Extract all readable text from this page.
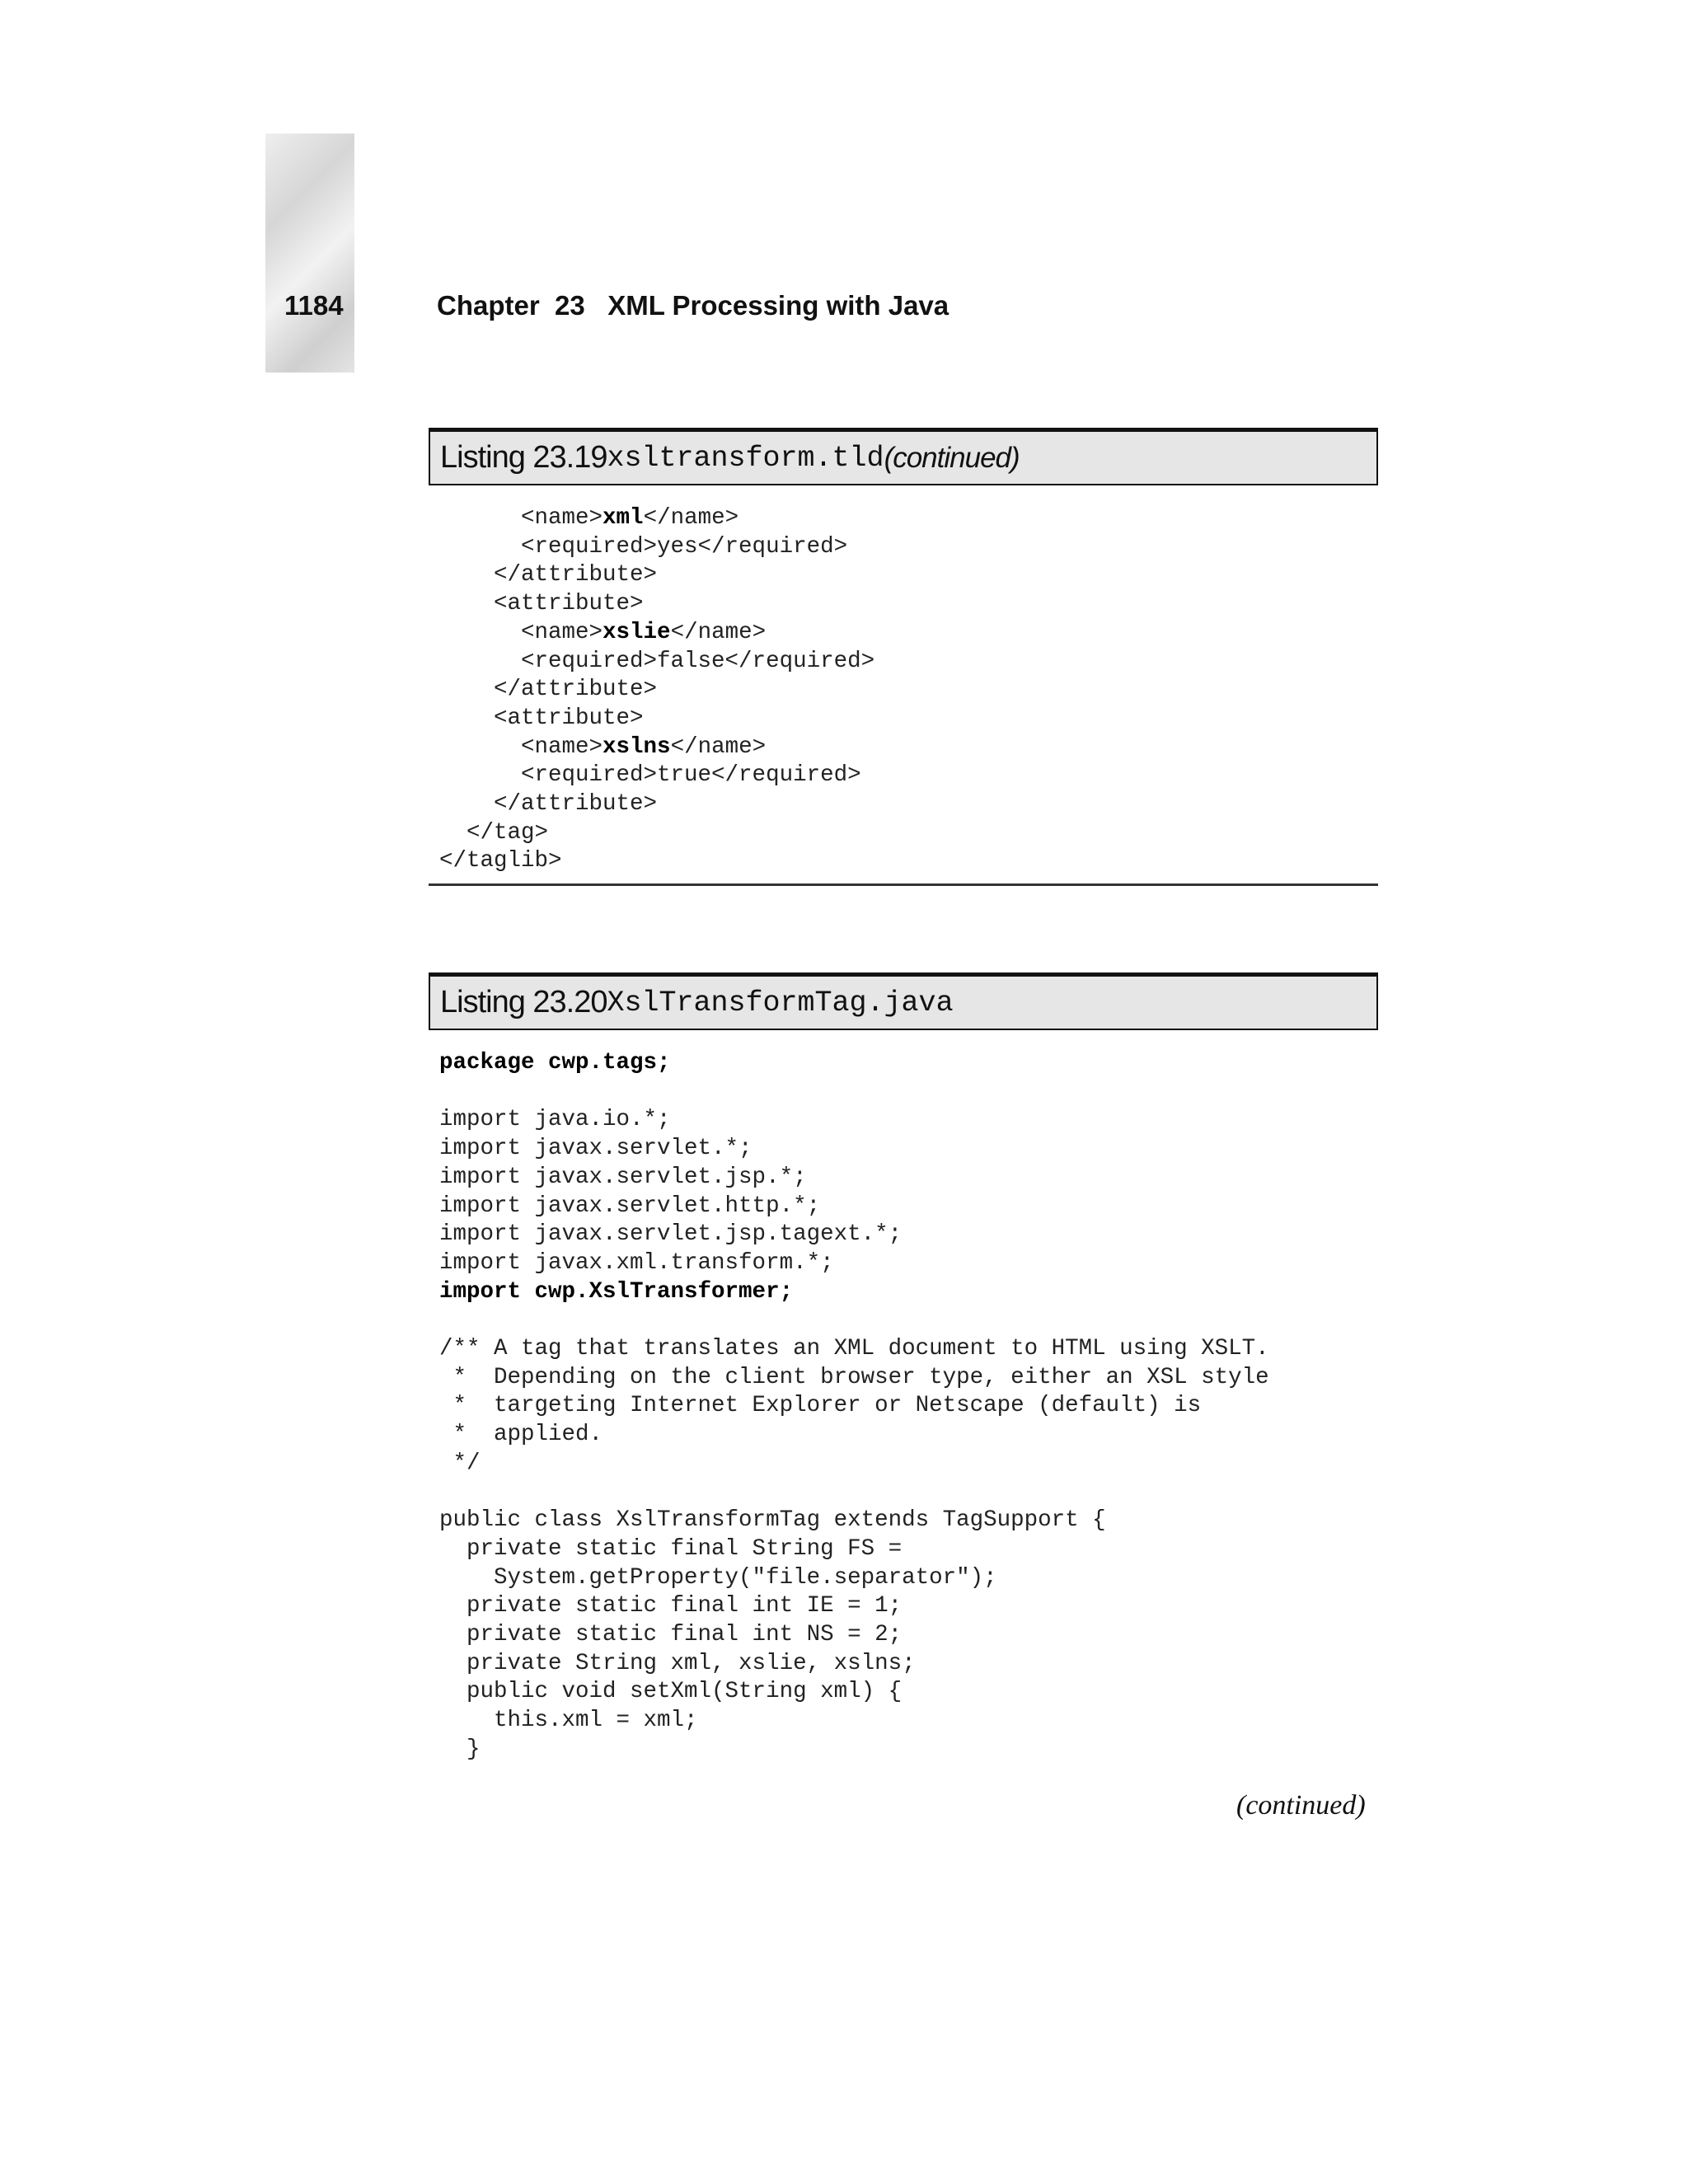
1184	Chapter 23 XML Processing with Java
Listing 23.19 xsltransform.tld (continued)
<name>xml</name>
<required>yes</required>
</attribute>
<attribute>
<name>xslie</name>
<required>false</required>
</attribute>
<attribute>
<name>xslns</name>
<required>true</required>
</attribute>
</tag>
</taglib>

Listing 23.20 XslTransformTag.java
package cwp.tags;

import java.io.*;
import javax.servlet.*;
import javax.servlet.jsp.*;
import javax.servlet.http.*;
import javax.servlet.jsp.tagext.*;
import javax.xml.transform.*;
import cwp.XslTransformer;

/** A tag that translates an XML document to HTML using XSLT.
*  Depending on the client browser type, either an XSL style
*  targeting Internet Explorer or Netscape (default) is
*  applied.
*/

public class XslTransformTag extends TagSupport {
private static final String FS =
System.getProperty("file.separator");
private static final int IE = 1;
private static final int NS = 2;
private String xml, xslie, xslns;
public void setXml(String xml) {
this.xml = xml;
}

(continued)
